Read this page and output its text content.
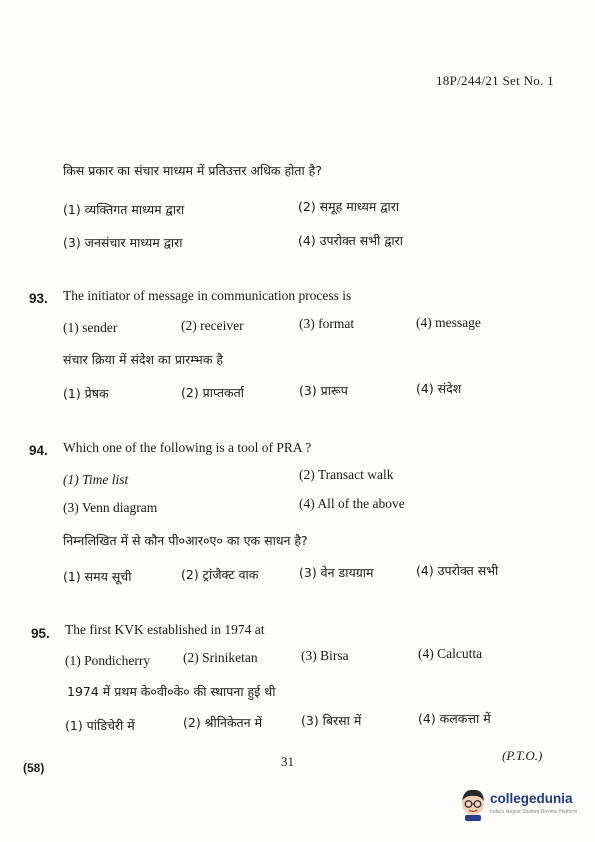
18P/244/21 Set No. 1
किस प्रकार का संचार माध्यम में प्रतिउत्तर अधिक होता है?
(1) व्यक्तिगत माध्यम द्वारा	(2) समूह माध्यम द्वारा
(3) जनसंचार माध्यम द्वारा	(4) उपरोक्त सभी द्वारा
93. The initiator of message in communication process is
(1) sender	(2) receiver	(3) format	(4) message
संचार क्रिया में संदेश का प्रारम्भक है
(1) प्रेषक	(2) प्राप्तकर्ता	(3) प्रारूप	(4) संदेश
94. Which one of the following is a tool of PRA ?
(1) Time list	(2) Transact walk
(3) Venn diagram	(4) All of the above
निम्नलिखित में से कौन पी०आर०ए० का एक साधन है?
(1) समय सूची	(2) ट्रांजैक्ट वाक	(3) वेन डायग्राम	(4) उपरोक्त सभी
95. The first KVK established in 1974 at
(1) Pondicherry (2) Sriniketan	(3) Birsa	(4) Calcutta
1974 में प्रथम के०वी०के० की स्थापना हुई थी
(1) पांडिचेरी में	(2) श्रीनिकेतन में	(3) बिरसा में	(4) कलकत्ता में
(58)	31	(P.T.O.)
collegedunia
India's largest Student Review Platform
